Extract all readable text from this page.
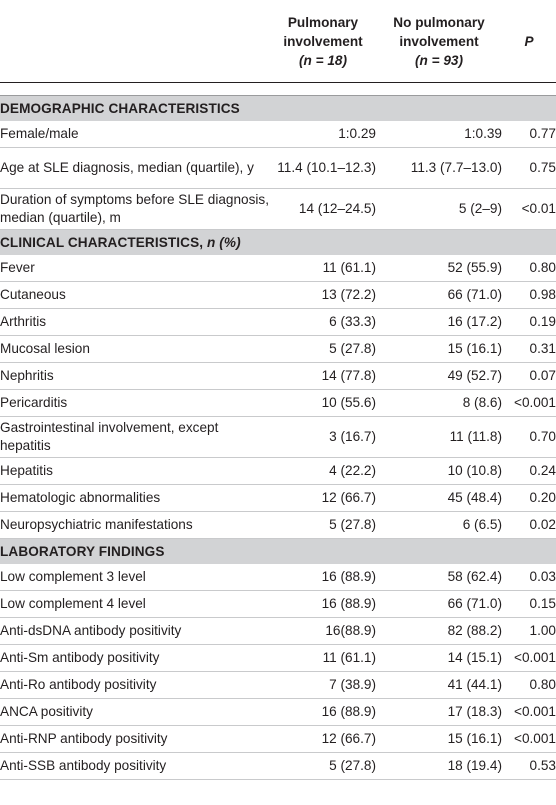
	Pulmonary
involvement
(n = 18)	No pulmonary
involvement
(n = 93)	P

DEMOGRAPHIC CHARACTERISTICS			
Female/male	1:0.29	1:0.39	0.77
Age at SLE diagnosis, median (quartile), y	11.4 (10.1–12.3)	11.3 (7.7–13.0)	0.75
Duration of symptoms before SLE diagnosis, median (quartile), m	14 (12–24.5)	5 (2–9)	<0.01
CLINICAL CHARACTERISTICS, n (%)			
Fever	11 (61.1)	52 (55.9)	0.80
Cutaneous	13 (72.2)	66 (71.0)	0.98
Arthritis	6 (33.3)	16 (17.2)	0.19
Mucosal lesion	5 (27.8)	15 (16.1)	0.31
Nephritis	14 (77.8)	49 (52.7)	0.07
Pericarditis	10 (55.6)	8 (8.6)	<0.001
Gastrointestinal involvement, except hepatitis	3 (16.7)	11 (11.8)	0.70
Hepatitis	4 (22.2)	10 (10.8)	0.24
Hematologic abnormalities	12 (66.7)	45 (48.4)	0.20
Neuropsychiatric manifestations	5 (27.8)	6 (6.5)	0.02
LABORATORY FINDINGS			
Low complement 3 level	16 (88.9)	58 (62.4)	0.03
Low complement 4 level	16 (88.9)	66 (71.0)	0.15
Anti-dsDNA antibody positivity	16(88.9)	82 (88.2)	1.00
Anti-Sm antibody positivity	11 (61.1)	14 (15.1)	<0.001
Anti-Ro antibody positivity	7 (38.9)	41 (44.1)	0.80
ANCA positivity	16 (88.9)	17 (18.3)	<0.001
Anti-RNP antibody positivity	12 (66.7)	15 (16.1)	<0.001
Anti-SSB antibody positivity	5 (27.8)	18 (19.4)	0.53
